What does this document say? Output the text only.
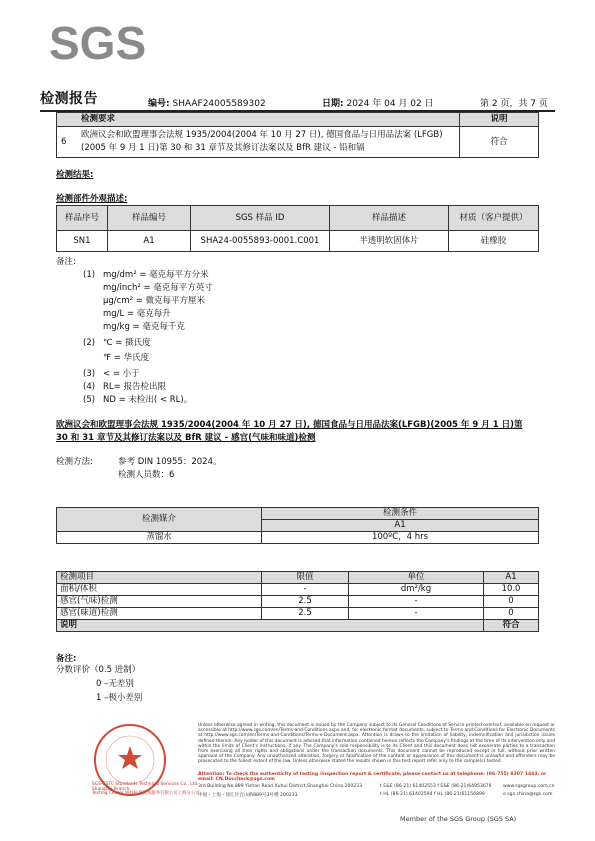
SGS
检测报告	编号: SHAAF24005589302	日期: 2024 年 04 月 02 日	第 2 页，共 7 页
	检测要求	说明
6	欧洲议会和欧盟理事会法规 1935/2004(2004 年 10 月 27 日), 德国食品与日用品法案 (LFGB)(2005 年 9 月 1 日)第 30 和 31 章节及其修订法案以及 BfR 建议 - 铅和镉	符合
检测结果:
检测部件外观描述:
样品序号	样品编号	SGS 样品 ID	样品描述	材质（客户提供）
SN1	A1	SHA24-0055893-0001.C001	半透明软固体片	硅橡胶
备注:
(1) mg/dm² = 毫克每平方分米
mg/inch² = 毫克每平方英寸
μg/cm² = 微克每平方厘米
mg/L = 毫克每升
mg/kg = 毫克每千克
(2) ℃ = 摄氏度
℉ = 华氏度
(3) < = 小于
(4) RL= 报告检出限
(5) ND = 未检出( < RL)。
欧洲议会和欧盟理事会法规 1935/2004(2004 年 10 月 27 日), 德国食品与日用品法案(LFGB)(2005 年 9 月 1 日)第 30 和 31 章节及其修订法案以及 BfR 建议 - 感官(气味和味道)检测
检测方法:	参考 DIN 10955：2024。
检测人员数：6
检测媒介	检测条件
	A1
蒸馏水	100ºC，4 hrs
检测项目	限值	单位	A1
面积/体积	-	dm²/kg	10.0
感官(气味)检测	2.5	-	0
感官(味道)检测	2.5	-	0
说明			符合
备注:
分数评价（0.5 进制）
0 –无差别
1 –极小差别
Unless otherwise agreed in writing, this document is issued by the Company subject to its General Conditions of Service printed overleaf, available on request or accessible at http://www.sgs.com/en/Terms-and-Conditions.aspx and, for electronic format documents, subject to Terms and Conditions for Electronic Documents at http://www.sgs.com/en/Terms-and-Conditions/Terms-e-Document.aspx. Attention is drawn to the limitation of liability, indemnification and jurisdiction issues defined therein. Any holder of this document is advised that information contained hereon reflects the Company's findings at the time of its intervention only and within the limits of Client's instructions, if any. The Company's sole responsibility is to its Client and this document does not exonerate parties to a transaction from exercising all their rights and obligations under the transaction documents. This document cannot be reproduced except in full, without prior written approval of the Company. Any unauthorized alteration, forgery or falsification of the content or appearance of this document is unlawful and offenders may be prosecuted to the fullest extent of the law. Unless otherwise stated the results shown in this test report refer only to the sample(s) tested.
Attention: To check the authenticity of testing /inspection report & certificate, please contact us at telephone: (86-755) 8307 1443, or email: CN.Doccheck@sgs.com
SGS-CSTC Standards Technical Services Co., Ltd. Shanghai Branch
Testing Center 通标标准技术服务有限公司上海分公司
3rd Building No.889 Yishan Road Xuhui District,Shanghai China 200233
中国・上海・徐汇区宜山路889号3号楼 200233
t E&E (86-21) 61402553 f E&E (86-21)64953679
t HL (86-21) 61402594 f HL (86-21)61156899
www.sgsgroup.com.cn
e sgs.china@sgs.com
Member of the SGS Group (SGS SA)
